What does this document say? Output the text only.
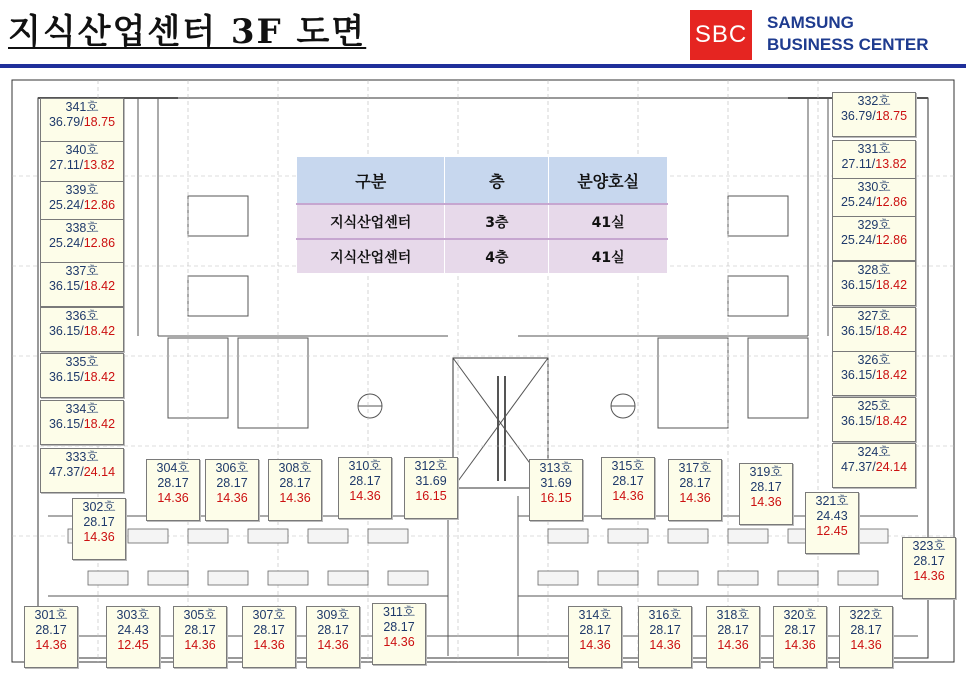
지식산업센터 3F 도면	SBC SAMSUNG
BUSINESS CENTER
구분	층	분양호실
지식산업센터	3층	41실
지식산업센터	4층	41실
341호
36.79/18.75
340호
27.11/13.82
339호
25.24/12.86
338호
25.24/12.86
337호
36.15/18.42
336호
36.15/18.42
335호
36.15/18.42
334호
36.15/18.42
333호
47.37/24.14
332호
36.79/18.75
331호
27.11/13.82
330호
25.24/12.86
329호
25.24/12.86
328호
36.15/18.42
327호
36.15/18.42
326호
36.15/18.42
325호
36.15/18.42
324호
47.37/24.14
304호
28.17
14.36
306호
28.17
14.36
308호
28.17
14.36
310호
28.17
14.36
312호
31.69
16.15
313호
31.69
16.15
315호
28.17
14.36
317호
28.17
14.36
319호
28.17
14.36
302호
28.17
14.36
321호
24.43
12.45
323호
28.17
14.36
301호
28.17
14.36
303호
24.43
12.45
305호
28.17
14.36
307호
28.17
14.36
309호
28.17
14.36
311호
28.17
14.36
314호
28.17
14.36
316호
28.17
14.36
318호
28.17
14.36
320호
28.17
14.36
322호
28.17
14.36
